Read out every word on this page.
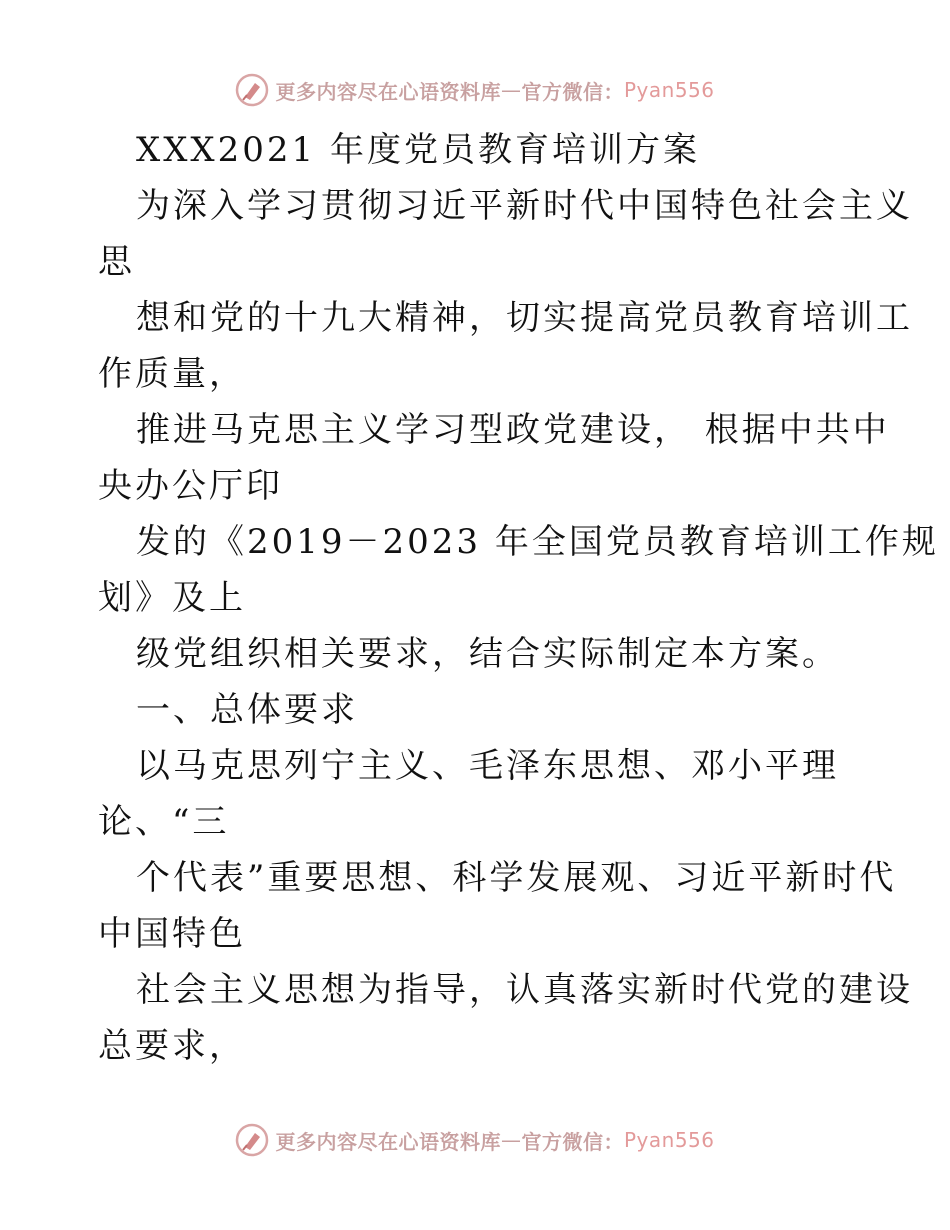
更多内容尽在心语资料库 — 官方微信： Pyan556
XXX2021 年度党员教育培训方案
为深入学习贯彻习近平新时代中国特色社会主义
思
想和党的十九大精神，切实提高党员教育培训工
作质量，
推进马克思主义学习型政党建设， 根据中共中
央办公厅印
发的《2019－2023 年全国党员教育培训工作规
划》及上
级党组织相关要求，结合实际制定本方案。
一、总体要求
以马克思列宁主义、毛泽东思想、邓小平理
论、“三
个代表”重要思想、科学发展观、习近平新时代
中国特色
社会主义思想为指导，认真落实新时代党的建设
总要求，
更多内容尽在心语资料库 — 官方微信： Pyan556
